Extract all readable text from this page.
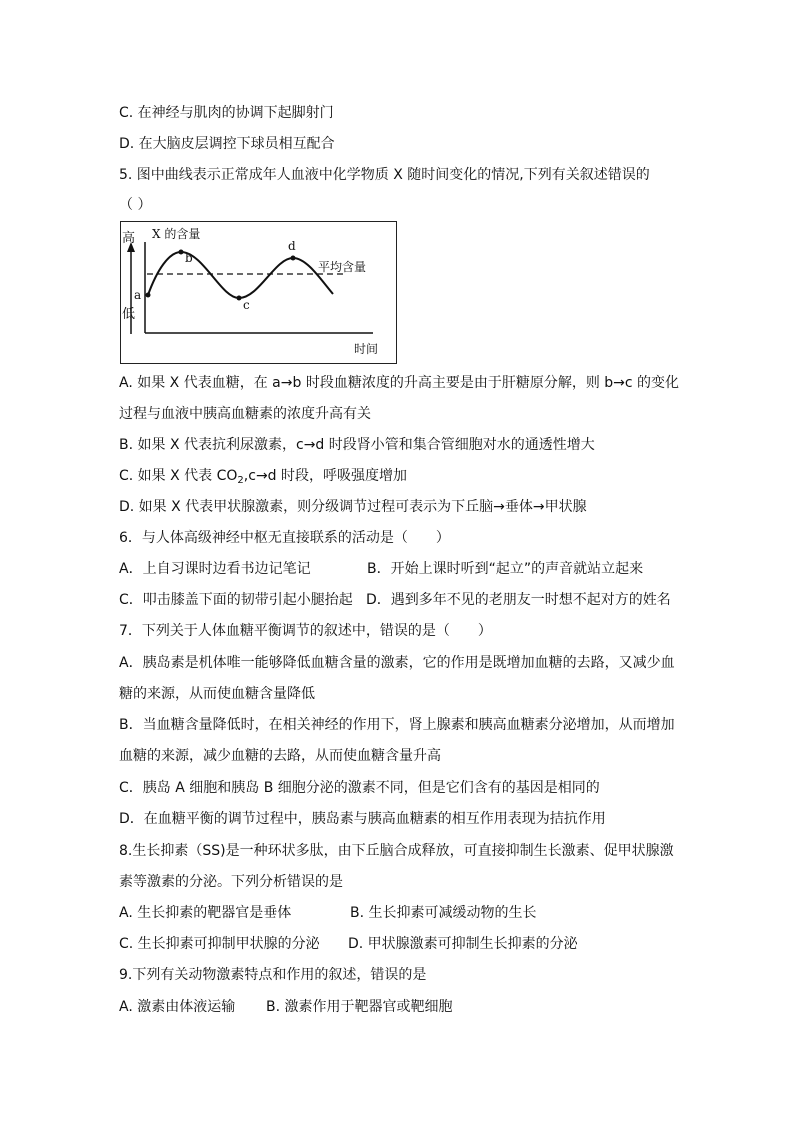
C. 在神经与肌肉的协调下起脚射门
D. 在大脑皮层调控下球员相互配合
5. 图中曲线表示正常成年人血液中化学物质 X 随时间变化的情况,下列有关叙述错误的
（ ）
高 X 的含量
a
b
c
d
平均含量
低
时间
A. 如果 X 代表血糖，在 a→b 时段血糖浓度的升高主要是由于肝糖原分解，则 b→c 的变化
过程与血液中胰高血糖素的浓度升高有关
B. 如果 X 代表抗利尿激素，c→d 时段肾小管和集合管细胞对水的通透性增大
C. 如果 X 代表 $CO_2,c\to d$ 时段，呼吸强度增加
D. 如果 X 代表甲状腺激素，则分级调节过程可表示为下丘脑→垂体→甲状腺
6．与人体高级神经中枢无直接联系的活动是（　　）
A．上自习课时边看书边记笔记	B．开始上课时听到“起立”的声音就站立起来
C．叩击膝盖下面的韧带引起小腿抬起 D．遇到多年不见的老朋友一时想不起对方的姓名
7．下列关于人体血糖平衡调节的叙述中，错误的是（　　）
A．胰岛素是机体唯一能够降低血糖含量的激素，它的作用是既增加血糖的去路，又减少血
糖的来源，从而使血糖含量降低
B．当血糖含量降低时，在相关神经的作用下，肾上腺素和胰高血糖素分泌增加，从而增加
血糖的来源，减少血糖的去路，从而使血糖含量升高
C．胰岛 A 细胞和胰岛 B 细胞分泌的激素不同，但是它们含有的基因是相同的
D．在血糖平衡的调节过程中，胰岛素与胰高血糖素的相互作用表现为拮抗作用
8.生长抑素（SS)是一种环状多肽，由下丘脑合成释放，可直接抑制生长激素、促甲状腺激
素等激素的分泌。下列分析错误的是
A. 生长抑素的靶器官是垂体	B. 生长抑素可减缓动物的生长
C. 生长抑素可抑制甲状腺的分泌 D. 甲状腺激素可抑制生长抑素的分泌
9.下列有关动物激素特点和作用的叙述，错误的是
A. 激素由体液运输 B. 激素作用于靶器官或靶细胞
